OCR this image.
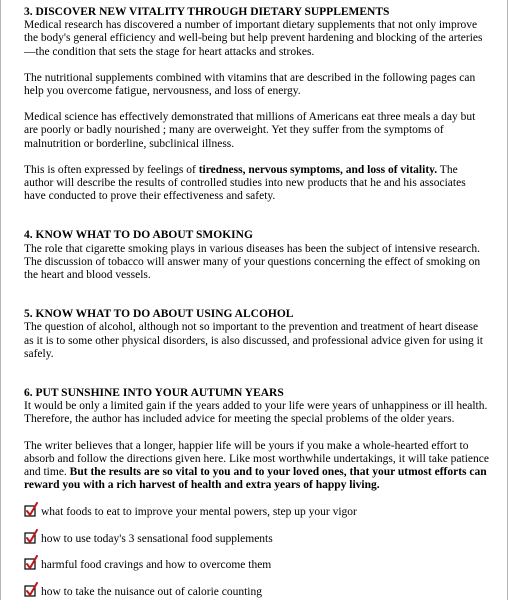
3. DISCOVER NEW VITALITY THROUGH DIETARY SUPPLEMENTS

Medical research has discovered a number of important dietary supplements that not only improve the body's general efficiency and well-being but help prevent hardening and blocking of the arteries—the condition that sets the stage for heart attacks and strokes.

The nutritional supplements combined with vitamins that are described in the following pages can help you overcome fatigue, nervousness, and loss of energy.

Medical science has effectively demonstrated that millions of Americans eat three meals a day but are poorly or badly nourished ; many are overweight. Yet they suffer from the symptoms of malnutrition or borderline, subclinical illness.

This is often expressed by feelings of tiredness, nervous symptoms, and loss of vitality. The author will describe the results of controlled studies into new products that he and his associates have conducted to prove their effectiveness and safety.

4. KNOW WHAT TO DO ABOUT SMOKING

The role that cigarette smoking plays in various diseases has been the subject of intensive research. The discussion of tobacco will answer many of your questions concerning the effect of smoking on the heart and blood vessels.

5. KNOW WHAT TO DO ABOUT USING ALCOHOL

The question of alcohol, although not so important to the prevention and treatment of heart disease as it is to some other physical disorders, is also discussed, and professional advice given for using it safely.

6. PUT SUNSHINE INTO YOUR AUTUMN YEARS

It would be only a limited gain if the years added to your life were years of unhappiness or ill health. Therefore, the author has included advice for meeting the special problems of the older years.

The writer believes that a longer, happier life will be yours if you make a whole-hearted effort to absorb and follow the directions given here. Like most worthwhile undertakings, it will take patience and time. But the results are so vital to you and to your loved ones, that your utmost efforts can reward you with a rich harvest of health and extra years of happy living.

what foods to eat to improve your mental powers, step up your vigor
how to use today's 3 sensational food supplements
harmful food cravings and how to overcome them
how to take the nuisance out of calorie counting
